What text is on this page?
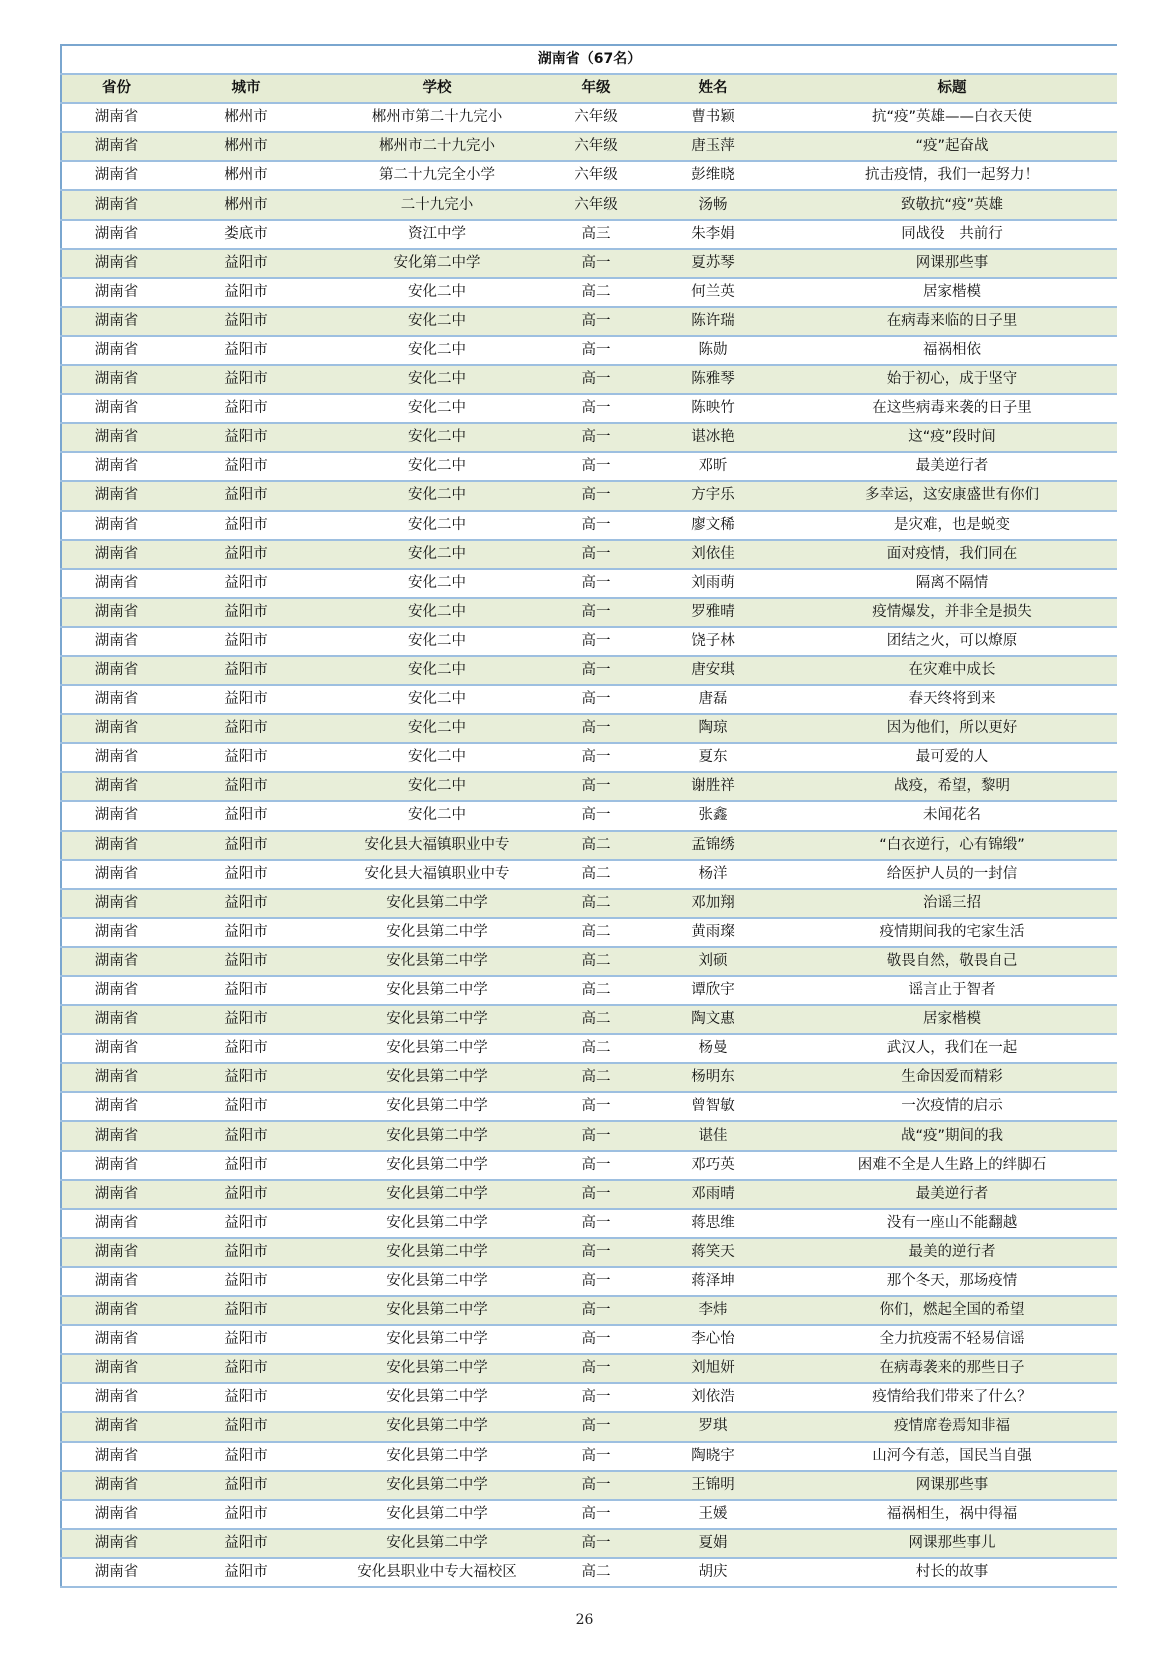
湖南省（67名）					
省份	城市	学校	年级	姓名	标题
湖南省	郴州市	郴州市第二十九完小	六年级	曹书颖	抗“疫”英雄——白衣天使
湖南省	郴州市	郴州市二十九完小	六年级	唐玉萍	“疫”起奋战
湖南省	郴州市	第二十九完全小学	六年级	彭维晓	抗击疫情，我们一起努力！
湖南省	郴州市	二十九完小	六年级	汤畅	致敬抗“疫”英雄
湖南省	娄底市	资江中学	高三	朱李娟	同战役　共前行
湖南省	益阳市	安化第二中学	高一	夏苏琴	网课那些事
湖南省	益阳市	安化二中	高二	何兰英	居家楷模
湖南省	益阳市	安化二中	高一	陈许瑞	在病毒来临的日子里
湖南省	益阳市	安化二中	高一	陈勋	福祸相依
湖南省	益阳市	安化二中	高一	陈雅琴	始于初心，成于坚守
湖南省	益阳市	安化二中	高一	陈映竹	在这些病毒来袭的日子里
湖南省	益阳市	安化二中	高一	谌冰艳	这“疫”段时间
湖南省	益阳市	安化二中	高一	邓昕	最美逆行者
湖南省	益阳市	安化二中	高一	方宇乐	多幸运，这安康盛世有你们
湖南省	益阳市	安化二中	高一	廖文稀	是灾难，也是蜕变
湖南省	益阳市	安化二中	高一	刘依佳	面对疫情，我们同在
湖南省	益阳市	安化二中	高一	刘雨萌	隔离不隔情
湖南省	益阳市	安化二中	高一	罗雅晴	疫情爆发，并非全是损失
湖南省	益阳市	安化二中	高一	饶子林	团结之火，可以燎原
湖南省	益阳市	安化二中	高一	唐安琪	在灾难中成长
湖南省	益阳市	安化二中	高一	唐磊	春天终将到来
湖南省	益阳市	安化二中	高一	陶琼	因为他们，所以更好
湖南省	益阳市	安化二中	高一	夏东	最可爱的人
湖南省	益阳市	安化二中	高一	谢胜祥	战疫，希望，黎明
湖南省	益阳市	安化二中	高一	张鑫	未闻花名
湖南省	益阳市	安化县大福镇职业中专	高二	孟锦绣	“白衣逆行，心有锦缎”
湖南省	益阳市	安化县大福镇职业中专	高二	杨洋	给医护人员的一封信
湖南省	益阳市	安化县第二中学	高二	邓加翔	治谣三招
湖南省	益阳市	安化县第二中学	高二	黄雨璨	疫情期间我的宅家生活
湖南省	益阳市	安化县第二中学	高二	刘硕	敬畏自然，敬畏自己
湖南省	益阳市	安化县第二中学	高二	谭欣宇	谣言止于智者
湖南省	益阳市	安化县第二中学	高二	陶文惠	居家楷模
湖南省	益阳市	安化县第二中学	高二	杨曼	武汉人，我们在一起
湖南省	益阳市	安化县第二中学	高二	杨明东	生命因爱而精彩
湖南省	益阳市	安化县第二中学	高一	曾智敏	一次疫情的启示
湖南省	益阳市	安化县第二中学	高一	谌佳	战“疫”期间的我
湖南省	益阳市	安化县第二中学	高一	邓巧英	困难不全是人生路上的绊脚石
湖南省	益阳市	安化县第二中学	高一	邓雨晴	最美逆行者
湖南省	益阳市	安化县第二中学	高一	蒋思维	没有一座山不能翻越
湖南省	益阳市	安化县第二中学	高一	蒋笑天	最美的逆行者
湖南省	益阳市	安化县第二中学	高一	蒋泽坤	那个冬天，那场疫情
湖南省	益阳市	安化县第二中学	高一	李炜	你们，燃起全国的希望
湖南省	益阳市	安化县第二中学	高一	李心怡	全力抗疫需不轻易信谣
湖南省	益阳市	安化县第二中学	高一	刘旭妍	在病毒袭来的那些日子
湖南省	益阳市	安化县第二中学	高一	刘依浩	疫情给我们带来了什么？
湖南省	益阳市	安化县第二中学	高一	罗琪	疫情席卷焉知非福
湖南省	益阳市	安化县第二中学	高一	陶晓宇	山河今有恙，国民当自强
湖南省	益阳市	安化县第二中学	高一	王锦明	网课那些事
湖南省	益阳市	安化县第二中学	高一	王媛	福祸相生，祸中得福
湖南省	益阳市	安化县第二中学	高一	夏娟	网课那些事儿
湖南省	益阳市	安化县职业中专大福校区	高二	胡庆	村长的故事
26
